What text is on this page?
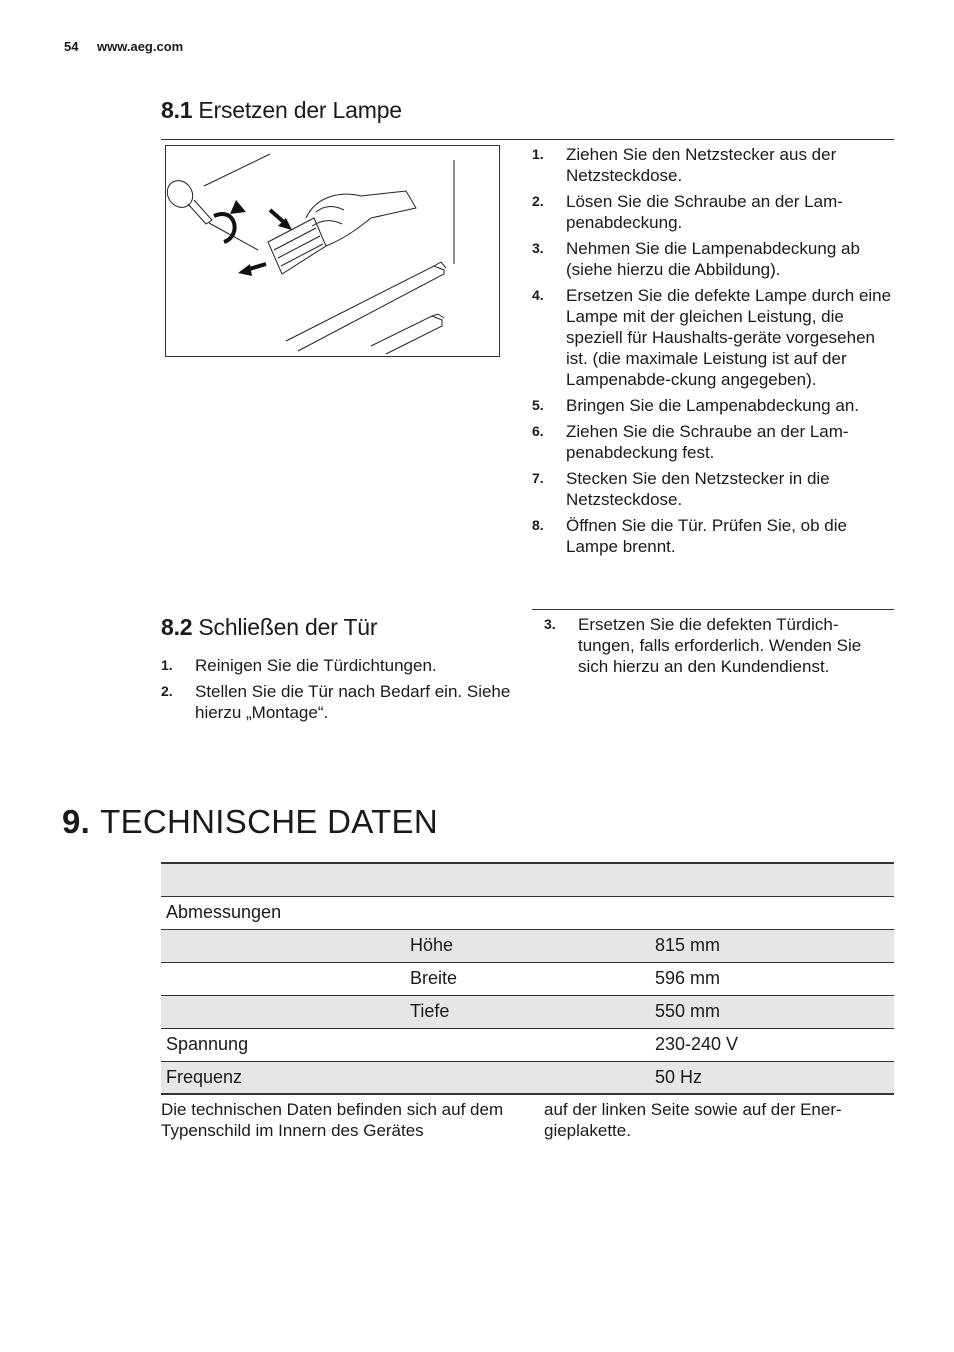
54 www.aeg.com
8.1 Ersetzen der Lampe
1. Ziehen Sie den Netzstecker aus der Netzsteckdose.
2. Lösen Sie die Schraube an der Lam-penabdeckung.
3. Nehmen Sie die Lampenabdeckung ab (siehe hierzu die Abbildung).
4. Ersetzen Sie die defekte Lampe durch eine Lampe mit der gleichen Leistung, die speziell für Haushalts-geräte vorgesehen ist. (die maximale Leistung ist auf der Lampenabde-ckung angegeben).
5. Bringen Sie die Lampenabdeckung an.
6. Ziehen Sie die Schraube an der Lam-penabdeckung fest.
7. Stecken Sie den Netzstecker in die Netzsteckdose.
8. Öffnen Sie die Tür. Prüfen Sie, ob die Lampe brennt.
8.2 Schließen der Tür
1. Reinigen Sie die Türdichtungen.
2. Stellen Sie die Tür nach Bedarf ein. Siehe hierzu „Montage“.
3. Ersetzen Sie die defekten Türdich-tungen, falls erforderlich. Wenden Sie sich hierzu an den Kundendienst.
9. TECHNISCHE DATEN

Abmessungen		
	Höhe	815 mm
	Breite	596 mm
	Tiefe	550 mm
Spannung		230-240 V
Frequenz		50 Hz
Die technischen Daten befinden sich auf dem Typenschild im Innern des Gerätes
auf der linken Seite sowie auf der Ener-gieplakette.
